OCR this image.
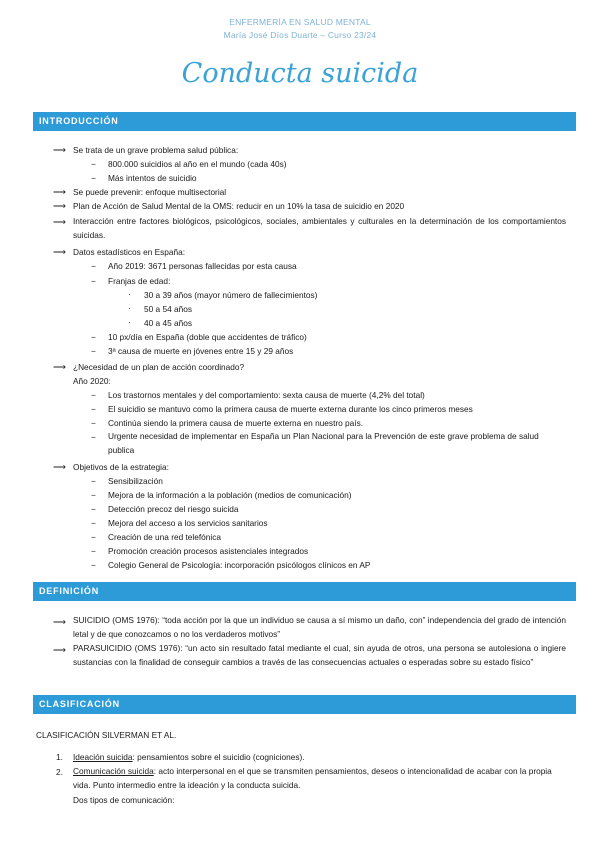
ENFERMERÍA EN SALUD MENTAL
María José Díos Duarte – Curso 23/24
Conducta suicida
INTRODUCCIÓN
⟶ Se trata de un grave problema salud pública:
− 800.000 suicidios al año en el mundo (cada 40s)
− Más intentos de suicidio
⟶ Se puede prevenir: enfoque multisectorial
⟶ Plan de Acción de Salud Mental de la OMS: reducir en un 10% la tasa de suicidio en 2020
⟶ Interacción entre factores biológicos, psicológicos, sociales, ambientales y culturales en la determinación de los comportamientos suicidas.
⟶ Datos estadísticos en España:
− Año 2019: 3671 personas fallecidas por esta causa
− Franjas de edad:
· 30 a 39 años (mayor número de fallecimientos)
· 50 a 54 años
· 40 a 45 años
− 10 px/día en España (doble que accidentes de tráfico)
− 3ª causa de muerte en jóvenes entre 15 y 29 años
⟶ ¿Necesidad de un plan de acción coordinado?
Año 2020:
− Los trastornos mentales y del comportamiento: sexta causa de muerte (4,2% del total)
− El suicidio se mantuvo como la primera causa de muerte externa durante los cinco primeros meses
− Continúa siendo la primera causa de muerte externa en nuestro país.
− Urgente necesidad de implementar en España un Plan Nacional para la Prevención de este grave problema de salud publica
⟶ Objetivos de la estrategia:
− Sensibilización
− Mejora de la información a la población (medios de comunicación)
− Detección precoz del riesgo suicida
− Mejora del acceso a los servicios sanitarios
− Creación de una red telefónica
− Promoción creación procesos asistenciales integrados
− Colegio General de Psicología: incorporación psicólogos clínicos en AP
DEFINICIÓN
⟶ SUICIDIO (OMS 1976): “toda acción por la que un individuo se causa a sí mismo un daño, con” independencia del grado de intención letal y de que conozcamos o no los verdaderos motivos”
⟶ PARASUICIDIO (OMS 1976): “un acto sin resultado fatal mediante el cual, sin ayuda de otros, una persona se autolesiona o ingiere sustancias con la finalidad de conseguir cambios a través de las consecuencias actuales o esperadas sobre su estado físico”
CLASIFICACIÓN
CLASIFICACIÓN SILVERMAN ET AL.
1. Ideación suicida: pensamientos sobre el suicidio (cogniciones).
2. Comunicación suicida: acto interpersonal en el que se transmiten pensamientos, deseos o intencionalidad de acabar con la propia vida. Punto intermedio entre la ideación y la conducta suicida.
Dos tipos de comunicación:
